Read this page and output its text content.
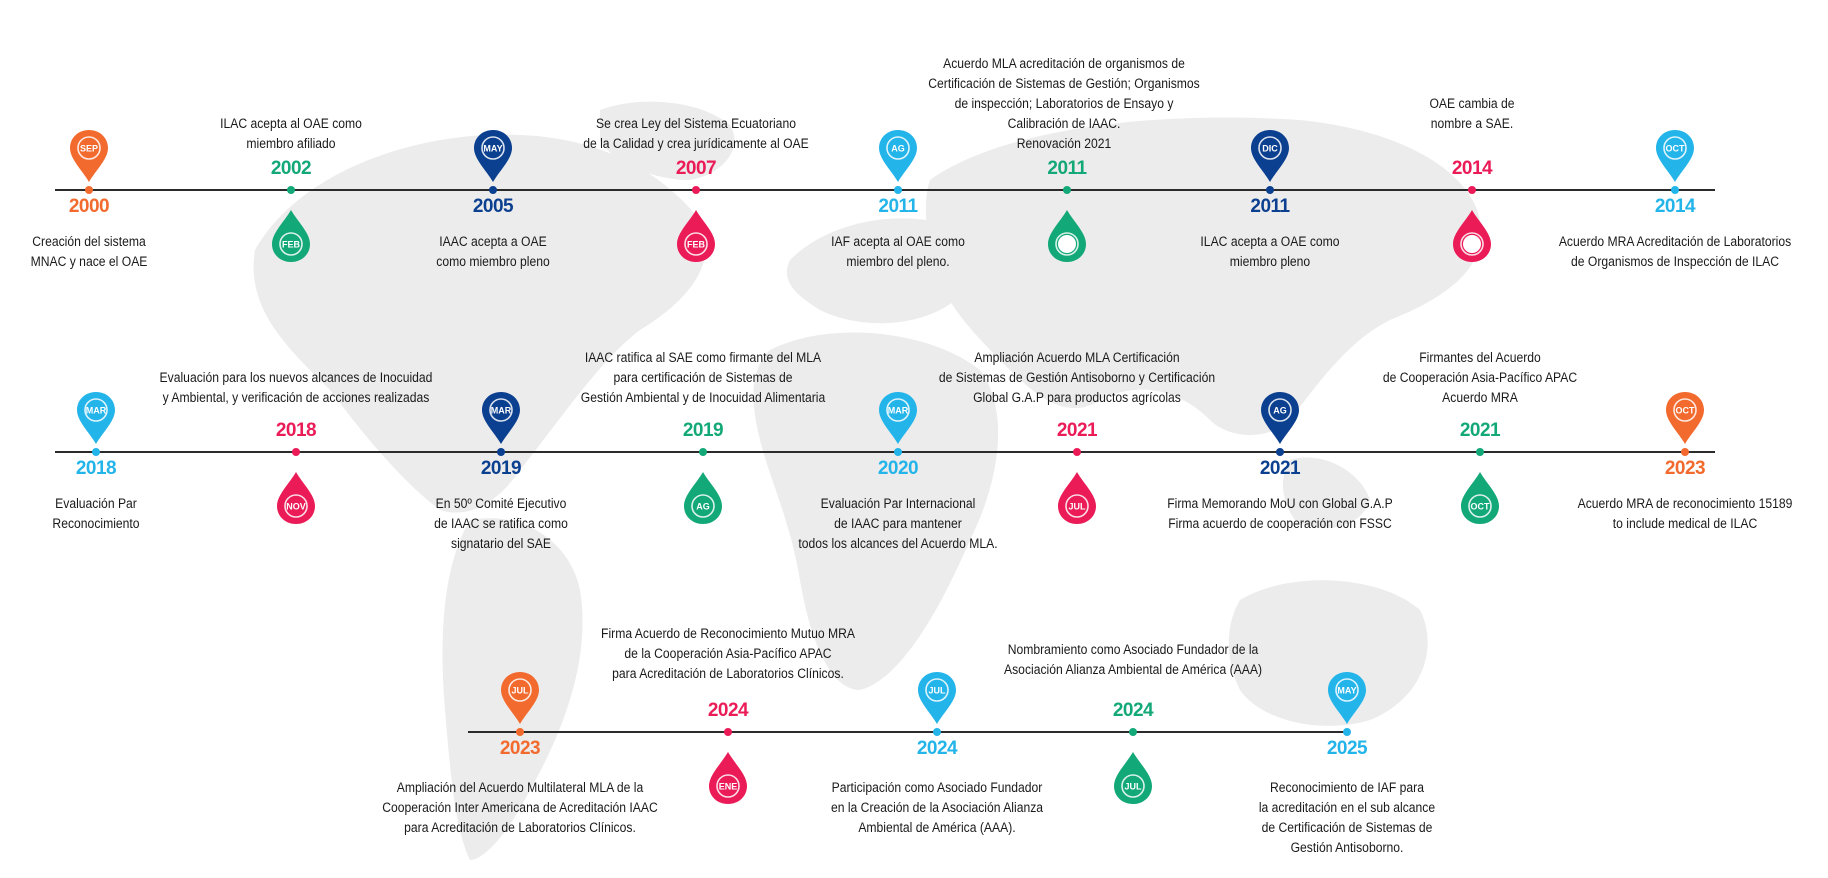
SEP
2000
Creación del sistema
MNAC y nace el OAE
FEB
2002
ILAC acepta al OAE como
miembro afiliado	MAY
2005
IAAC acepta a OAE
como miembro pleno
FEB
2007
Se crea Ley del Sistema Ecuatoriano
de la Calidad y crea jurídicamente al OAE	AG
2011
IAF acepta al OAE como
miembro del pleno.
2011
Acuerdo MLA acreditación de organismos de
Certificación de Sistemas de Gestión; Organismos
de inspección; Laboratorios de Ensayo y
Calibración de IAAC.
Renovación 2021	DIC
2011
ILAC acepta a OAE como
miembro pleno
2014
OAE cambia de
nombre a SAE.
OCT
2014
Acuerdo MRA Acreditación de Laboratorios
de Organismos de Inspección de ILAC
MAR
2018
Evaluación Par
Reconocimiento
NOV
2018
Evaluación para los nuevos alcances de Inocuidad
y Ambiental, y verificación de acciones realizadas
MAR
2019
En 50º Comité Ejecutivo
de IAAC se ratifica como
signatario del SAE
AG
2019
IAAC ratifica al SAE como firmante del MLA
para certificación de Sistemas de
Gestión Ambiental y de Inocuidad Alimentaria
MAR
2020
Evaluación Par Internacional
de IAAC para mantener
todos los alcances del Acuerdo MLA.
JUL
2021
Ampliación Acuerdo MLA Certificación
de Sistemas de Gestión Antisoborno y Certificación
Global G.A.P para productos agrícolas
AG
2021
Firma Memorando MoU con Global G.A.P
Firma acuerdo de cooperación con FSSC
OCT
2021
Firmantes del Acuerdo
de Cooperación Asia-Pacífico APAC
Acuerdo MRA
OCT
2023
Acuerdo MRA de reconocimiento 15189
to include medical de ILAC
JUL
2023
Ampliación del Acuerdo Multilateral MLA de la
Cooperación Inter Americana de Acreditación IAAC
para Acreditación de Laboratorios Clínicos.
ENE
2024
Firma Acuerdo de Reconocimiento Mutuo MRA
de la Cooperación Asia-Pacífico APAC
para Acreditación de Laboratorios Clínicos.
JUL
2024
Participación como Asociado Fundador
en la Creación de la Asociación Alianza
Ambiental de América (AAA).
JUL
2024
Nombramiento como Asociado Fundador de la
Asociación Alianza Ambiental de América (AAA)
MAY
2025
Reconocimiento de IAF para
la acreditación en el sub alcance
de Certificación de Sistemas de
Gestión Antisoborno.
